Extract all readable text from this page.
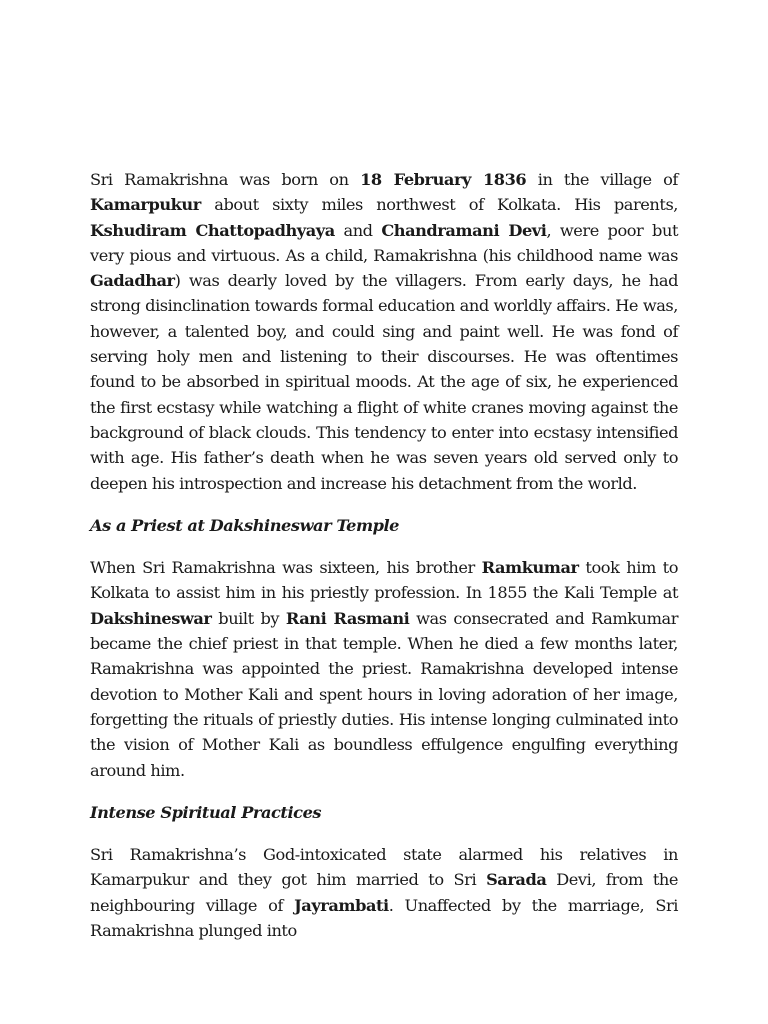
Sri Ramakrishna was born on 18 February 1836 in the village of Kamarpukur about sixty miles northwest of Kolkata. His parents, Kshudiram Chattopadhyaya and Chandramani Devi, were poor but very pious and virtuous. As a child, Ramakrishna (his childhood name was Gadadhar) was dearly loved by the villagers. From early days, he had strong disinclination towards formal education and worldly affairs. He was, however, a talented boy, and could sing and paint well. He was fond of serving holy men and listening to their discourses. He was oftentimes found to be absorbed in spiritual moods. At the age of six, he experienced the first ecstasy while watching a flight of white cranes moving against the background of black clouds. This tendency to enter into ecstasy intensified with age. His father’s death when he was seven years old served only to deepen his introspection and increase his detachment from the world.

As a Priest at Dakshineswar Temple

When Sri Ramakrishna was sixteen, his brother Ramkumar took him to Kolkata to assist him in his priestly profession. In 1855 the Kali Temple at Dakshineswar built by Rani Rasmani was consecrated and Ramkumar became the chief priest in that temple. When he died a few months later, Ramakrishna was appointed the priest. Ramakrishna developed intense devotion to Mother Kali and spent hours in loving adoration of her image, forgetting the rituals of priestly duties. His intense longing culminated into the vision of Mother Kali as boundless effulgence engulfing everything around him.

Intense Spiritual Practices

Sri Ramakrishna’s God-intoxicated state alarmed his relatives in Kamarpukur and they got him married to Sri Sarada Devi, from the neighbouring village of Jayrambati. Unaffected by the marriage, Sri Ramakrishna plunged into
